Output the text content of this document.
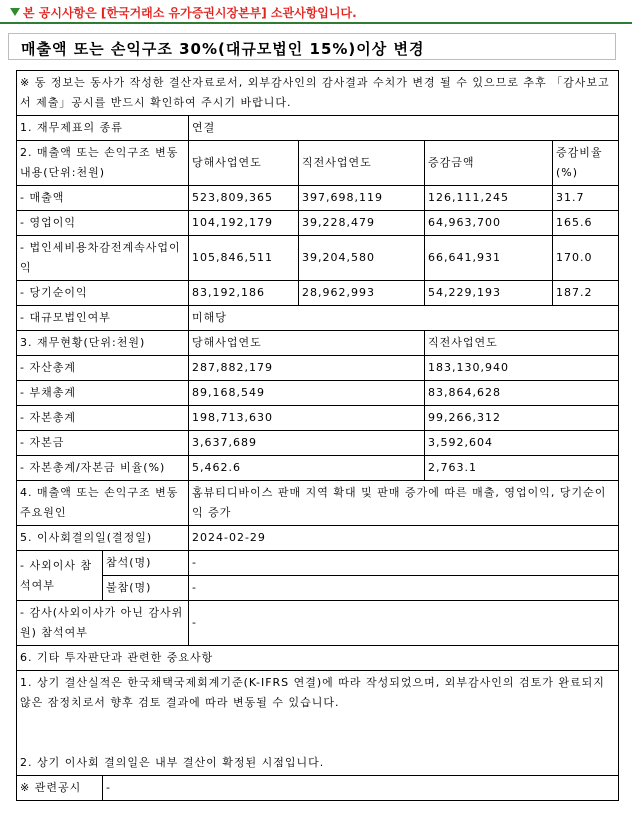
본 공시사항은 [한국거래소 유가증권시장본부] 소관사항입니다.
매출액 또는 손익구조 30%(대규모법인 15%)이상 변경
※ 동 정보는 동사가 작성한 결산자료로서, 외부감사인의 감사결과 수치가 변경 될 수 있으므로 추후 「감사보고서 제출」공시를 반드시 확인하여 주시기 바랍니다.					
1. 재무제표의 종류		연결			
2. 매출액 또는 손익구조 변동내용(단위:천원)		당해사업연도	직전사업연도	증감금액	증감비율(%)
- 매출액		523,809,365	397,698,119	126,111,245	31.7
- 영업이익		104,192,179	39,228,479	64,963,700	165.6
- 법인세비용차감전계속사업이익		105,846,511	39,204,580	66,641,931	170.0
- 당기순이익		83,192,186	28,962,993	54,229,193	187.2
- 대규모법인여부		미해당			
3. 재무현황(단위:천원)		당해사업연도		직전사업연도	
- 자산총계		287,882,179		183,130,940	
- 부채총계		89,168,549		83,864,628	
- 자본총계		198,713,630		99,266,312	
- 자본금		3,637,689		3,592,604	
- 자본총계/자본금 비율(%)		5,462.6		2,763.1	
4. 매출액 또는 손익구조 변동 주요원인		홈뷰티디바이스 판매 지역 확대 및 판매 증가에 따른 매출, 영업이익, 당기순이익 증가			
5. 이사회결의일(결정일)		2024-02-29			
- 사외이사 참석여부	참석(명)	-			
	불참(명)	-			
- 감사(사외이사가 아닌 감사위원) 참석여부		-			
6. 기타 투자판단과 관련한 중요사항					

1. 상기 결산실적은 한국채택국제회계기준(K-IFRS 연결)에 따라 작성되었으며, 외부감사인의 검토가 완료되지 않은 잠정치로서 향후 검토 결과에 따라 변동될 수 있습니다.
2. 상기 이사회 결의일은 내부 결산이 확정된 시점입니다.					

※ 관련공시	-				
